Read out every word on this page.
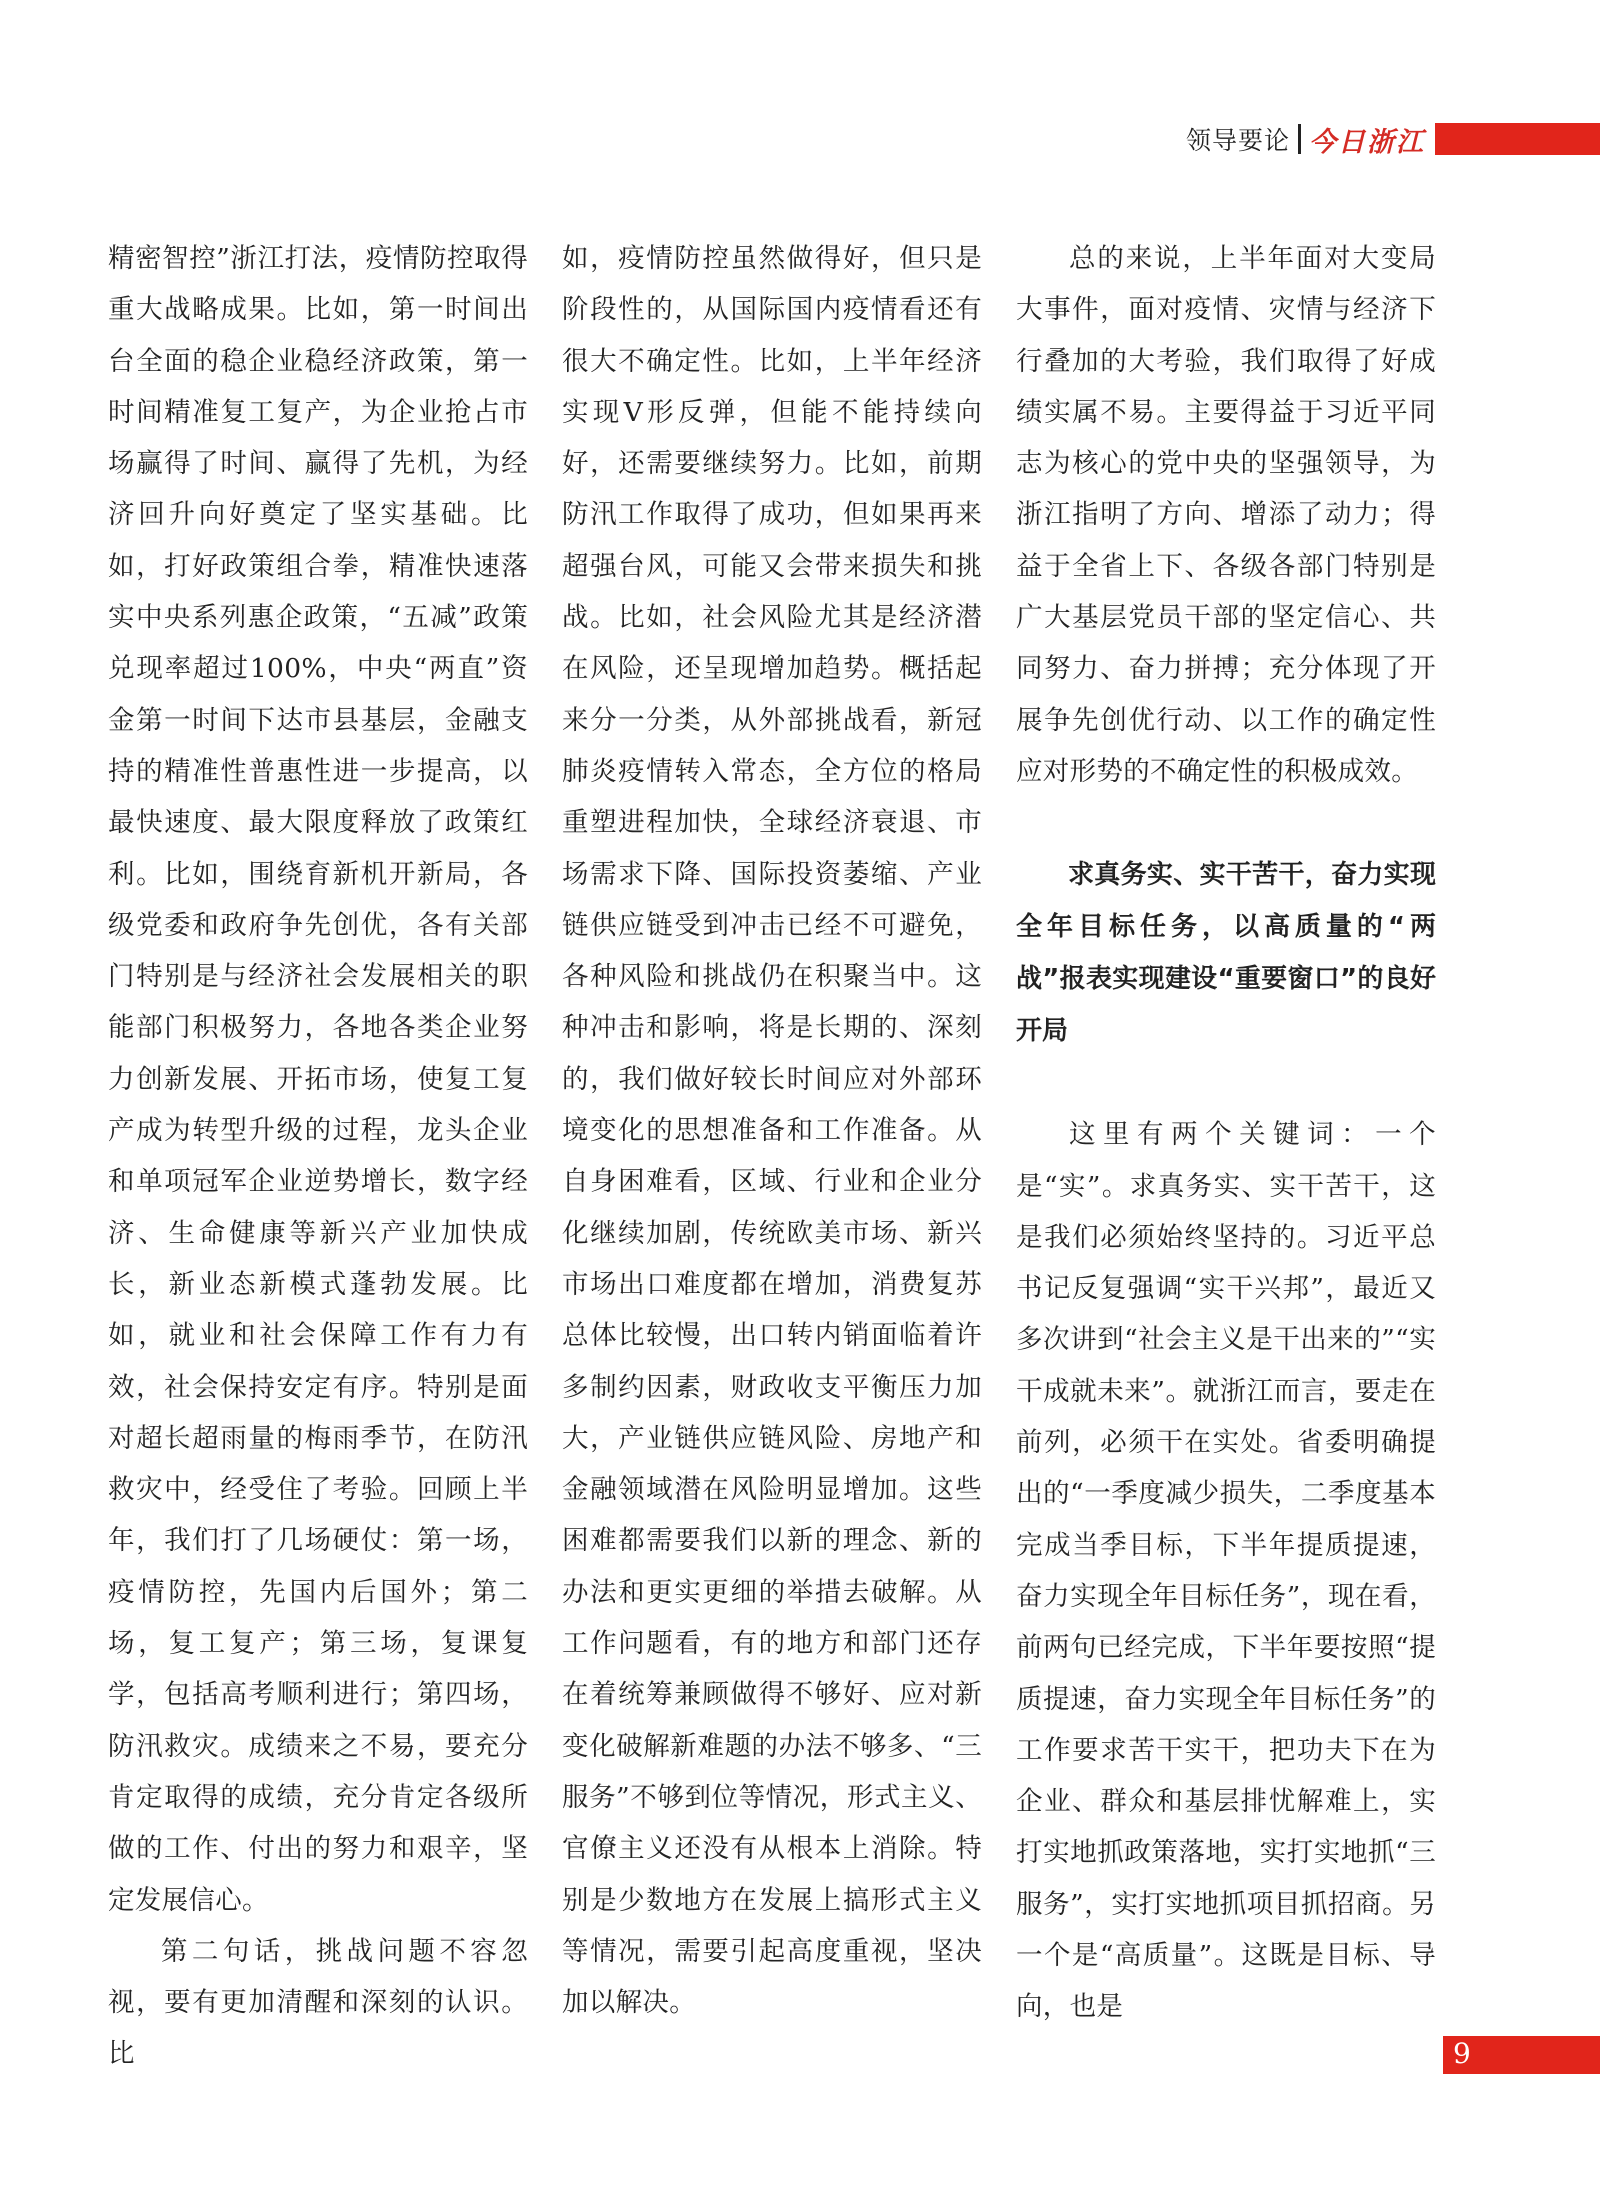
领导要论 今日浙江

精密智控”浙江打法，疫情防控取得重大战略成果。比如，第一时间出台全面的稳企业稳经济政策，第一时间精准复工复产，为企业抢占市场赢得了时间、赢得了先机，为经济回升向好奠定了坚实基础。比如，打好政策组合拳，精准快速落实中央系列惠企政策，“五减”政策兑现率超过100%，中央“两直”资金第一时间下达市县基层，金融支持的精准性普惠性进一步提高，以最快速度、最大限度释放了政策红利。比如，围绕育新机开新局，各级党委和政府争先创优，各有关部门特别是与经济社会发展相关的职能部门积极努力，各地各类企业努力创新发展、开拓市场，使复工复产成为转型升级的过程，龙头企业和单项冠军企业逆势增长，数字经济、生命健康等新兴产业加快成长，新业态新模式蓬勃发展。比如，就业和社会保障工作有力有效，社会保持安定有序。特别是面对超长超雨量的梅雨季节，在防汛救灾中，经受住了考验。回顾上半年，我们打了几场硬仗：第一场，疫情防控，先国内后国外；第二场，复工复产；第三场，复课复学，包括高考顺利进行；第四场，防汛救灾。成绩来之不易，要充分肯定取得的成绩，充分肯定各级所做的工作、付出的努力和艰辛，坚定发展信心。

第二句话，挑战问题不容忽视，要有更加清醒和深刻的认识。比

如，疫情防控虽然做得好，但只是阶段性的，从国际国内疫情看还有很大不确定性。比如，上半年经济实现V形反弹，但能不能持续向好，还需要继续努力。比如，前期防汛工作取得了成功，但如果再来超强台风，可能又会带来损失和挑战。比如，社会风险尤其是经济潜在风险，还呈现增加趋势。概括起来分一分类，从外部挑战看，新冠肺炎疫情转入常态，全方位的格局重塑进程加快，全球经济衰退、市场需求下降、国际投资萎缩、产业链供应链受到冲击已经不可避免，各种风险和挑战仍在积聚当中。这种冲击和影响，将是长期的、深刻的，我们做好较长时间应对外部环境变化的思想准备和工作准备。从自身困难看，区域、行业和企业分化继续加剧，传统欧美市场、新兴市场出口难度都在增加，消费复苏总体比较慢，出口转内销面临着许多制约因素，财政收支平衡压力加大，产业链供应链风险、房地产和金融领域潜在风险明显增加。这些困难都需要我们以新的理念、新的办法和更实更细的举措去破解。从工作问题看，有的地方和部门还存在着统筹兼顾做得不够好、应对新变化破解新难题的办法不够多、“三服务”不够到位等情况，形式主义、官僚主义还没有从根本上消除。特别是少数地方在发展上搞形式主义等情况，需要引起高度重视，坚决加以解决。

总的来说，上半年面对大变局大事件，面对疫情、灾情与经济下行叠加的大考验，我们取得了好成绩实属不易。主要得益于习近平同志为核心的党中央的坚强领导，为浙江指明了方向、增添了动力；得益于全省上下、各级各部门特别是广大基层党员干部的坚定信心、共同努力、奋力拼搏；充分体现了开展争先创优行动、以工作的确定性应对形势的不确定性的积极成效。

求真务实、实干苦干，奋力实现全年目标任务，以高质量的“两战”报表实现建设“重要窗口”的良好开局

这里有两个关键词：一个是“实”。求真务实、实干苦干，这是我们必须始终坚持的。习近平总书记反复强调“实干兴邦”，最近又多次讲到“社会主义是干出来的”“实干成就未来”。就浙江而言，要走在前列，必须干在实处。省委明确提出的“一季度减少损失，二季度基本完成当季目标，下半年提质提速，奋力实现全年目标任务”，现在看，前两句已经完成，下半年要按照“提质提速，奋力实现全年目标任务”的工作要求苦干实干，把功夫下在为企业、群众和基层排忧解难上，实打实地抓政策落地，实打实地抓“三服务”，实打实地抓项目抓招商。另一个是“高质量”。这既是目标、导向，也是

9
